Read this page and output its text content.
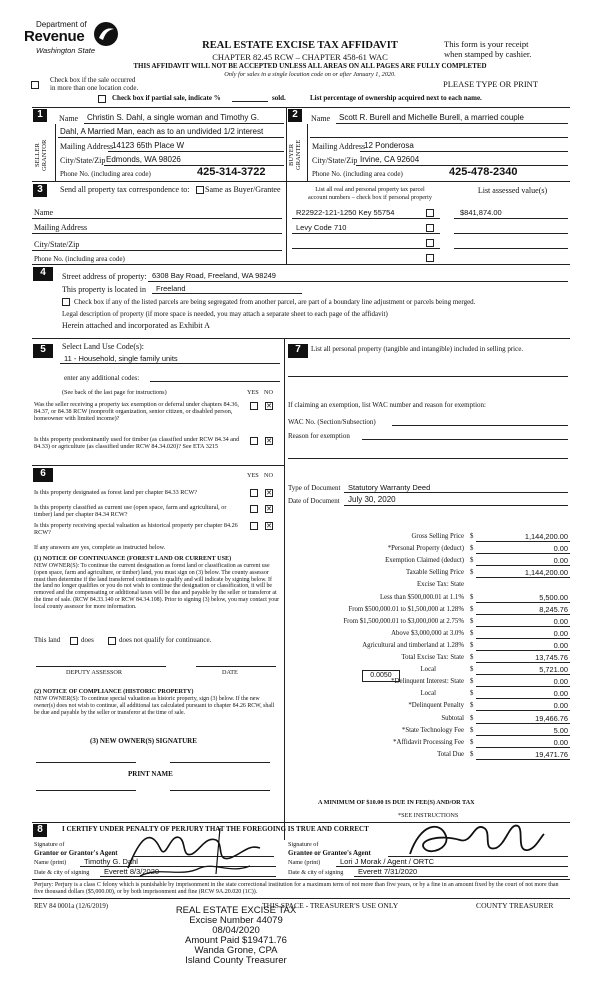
Department of
Revenue
Washington State	REAL ESTATE EXCISE TAX AFFIDAVIT
CHAPTER 82.45 RCW – CHAPTER 458-61 WAC
THIS AFFIDAVIT WILL NOT BE ACCEPTED UNLESS ALL AREAS ON ALL PAGES ARE FULLY COMPLETED
Only for sales in a single location code on or after January 1, 2020.
This form is your receipt
when stamped by cashier.
PLEASE TYPE OR PRINT
Check box if the sale occurred
in more than one location code.
Check box if partial sale, indicate %	sold.	List percentage of ownership acquired next to each name.
1
SELLER GRANTOR
Name Christin S. Dahl, a single woman and Timothy G.
Dahl, A Married Man, each as to an undivided 1/2 interest
Mailing Address
14123 65th Place W
City/State/Zip Edmonds, WA 98026
Phone No. (including area code)	425-314-3722
2
BUYER GRANTEE
Name Scott R. Burell and Michelle Burell, a married couple
Mailing Address
12 Ponderosa
City/State/Zip Irvine, CA 92604
Phone No. (including area code)	425-478-2340
3	Send all property tax correspondence to: Same as Buyer/Grantee	List all real and personal property tax parcel
account numbers – check box if personal property
List assessed value(s)
Name
Mailing Address
City/State/Zip
Phone No. (including area code)
R22922-121-1250 Key 55754	$841,874.00
Levy Code 710
4	Street address of property: 6308 Bay Road, Freeland, WA 98249
This property is located in Freeland
Check box if any of the listed parcels are being segregated from another parcel, are part of a boundary line adjustment or parcels being merged.
Legal description of property (if more space is needed, you may attach a separate sheet to each page of the affidavit)
Herein attached and incorporated as Exhibit A
5	Select Land Use Code(s):
11 - Household, single family units
enter any additional codes:
(See back of the last page for instructions)	YES NO
Was the seller receiving a property tax exemption or deferral under chapters 84.36, 84.37, or 84.38 RCW (nonprofit organization, senior citizen, or disabled person, homeowner with limited income)?
✕
Is this property predominantly used for timber (as classified under RCW 84.34 and 84.33) or agriculture (as classified under RCW 84.34.020)? See ETA 3215
✕
6	YES NO
Is this property designated as forest land per chapter 84.33 RCW?	✕
Is this property classified as current use (open space, farm and agricultural, or timber) land per chapter 84.34 RCW?
✕
Is this property receiving special valuation as historical property per chapter 84.26 RCW?
✕
If any answers are yes, complete as instructed below.
(1) NOTICE OF CONTINUANCE (FOREST LAND OR CURRENT USE)
NEW OWNER(S): To continue the current designation as forest land or classification as current use (open space, farm and agriculture, or timber) land, you must sign on (3) below. The county assessor must then determine if the land transferred continues to qualify and will indicate by signing below. If the land no longer qualifies or you do not wish to continue the designation or classification, it will be removed and the compensating or additional taxes will be due and payable by the seller or transferor at the time of sale. (RCW 84.33.140 or RCW 84.34.108). Prior to signing (3) below, you may contact your local county assessor for more information.
This land	does	does not qualify for continuance.
DEPUTY ASSESSOR	DATE
(2) NOTICE OF COMPLIANCE (HISTORIC PROPERTY)
NEW OWNER(S): To continue special valuation as historic property, sign (3) below. If the new owner(s) does not wish to continue, all additional tax calculated pursuant to chapter 84.26 RCW, shall be due and payable by the seller or transferor at the time of sale.
(3) NEW OWNER(S) SIGNATURE
PRINT NAME
7	List all personal property (tangible and intangible) included in selling price.
If claiming an exemption, list WAC number and reason for exemption:
WAC No. (Section/Subsection)
Reason for exemption
Type of Document Statutory Warranty Deed
Date of Document July 30, 2020
Gross Selling Price $	1,144,200.00
*Personal Property (deduct) $	0.00
Exemption Claimed (deduct) $	0.00
Taxable Selling Price $	1,144,200.00
Excise Tax: State
Less than $500,000.01 at 1.1% $	5,500.00
From $500,000.01 to $1,500,000 at 1.28% $	8,245.76
From $1,500,000.01 to $3,000,000 at 2.75% $	0.00
Above $3,000,000 at 3.0% $	0.00
Agricultural and timberland at 1.28% $	0.00
Total Excise Tax: State $	13,745.76
Local	$	5,721.00
*Delinquent Interest: State $	0.00
Local	$	0.00
*Delinquent Penalty $	0.00
Subtotal $	19,466.76
*State Technology Fee $	5.00
*Affidavit Processing Fee $	0.00
Total Due $	19,471.76
0.0050
A MINIMUM OF $10.00 IS DUE IN FEE(S) AND/OR TAX
*SEE INSTRUCTIONS
8	I CERTIFY UNDER PENALTY OF PERJURY THAT THE FOREGOING IS TRUE AND CORRECT
Signature of
Grantor or Grantor's Agent
Name (print) Timothy G. Dahl
Date & city of signing Everett 8/3/2020
Signature of
Grantee or Grantee's Agent
Name (print)	Lori J Morak / Agent / ORTC
Date & city of signing Everett 7/31/2020
Perjury: Perjury is a class C felony which is punishable by imprisonment in the state correctional institution for a maximum term of not more than five years, or by a fine in an amount fixed by the court of not more than five thousand dollars ($5,000.00), or by both imprisonment and fine (RCW 9A.20.020 (1C)).
REV 84 0001a (12/6/2019)	THIS SPACE - TREASURER'S USE ONLY	COUNTY TREASURER
REAL ESTATE EXCISE TAX
Excise Number 44079
08/04/2020
Amount Paid $19471.76
Wanda Grone, CPA
Island County Treasurer
